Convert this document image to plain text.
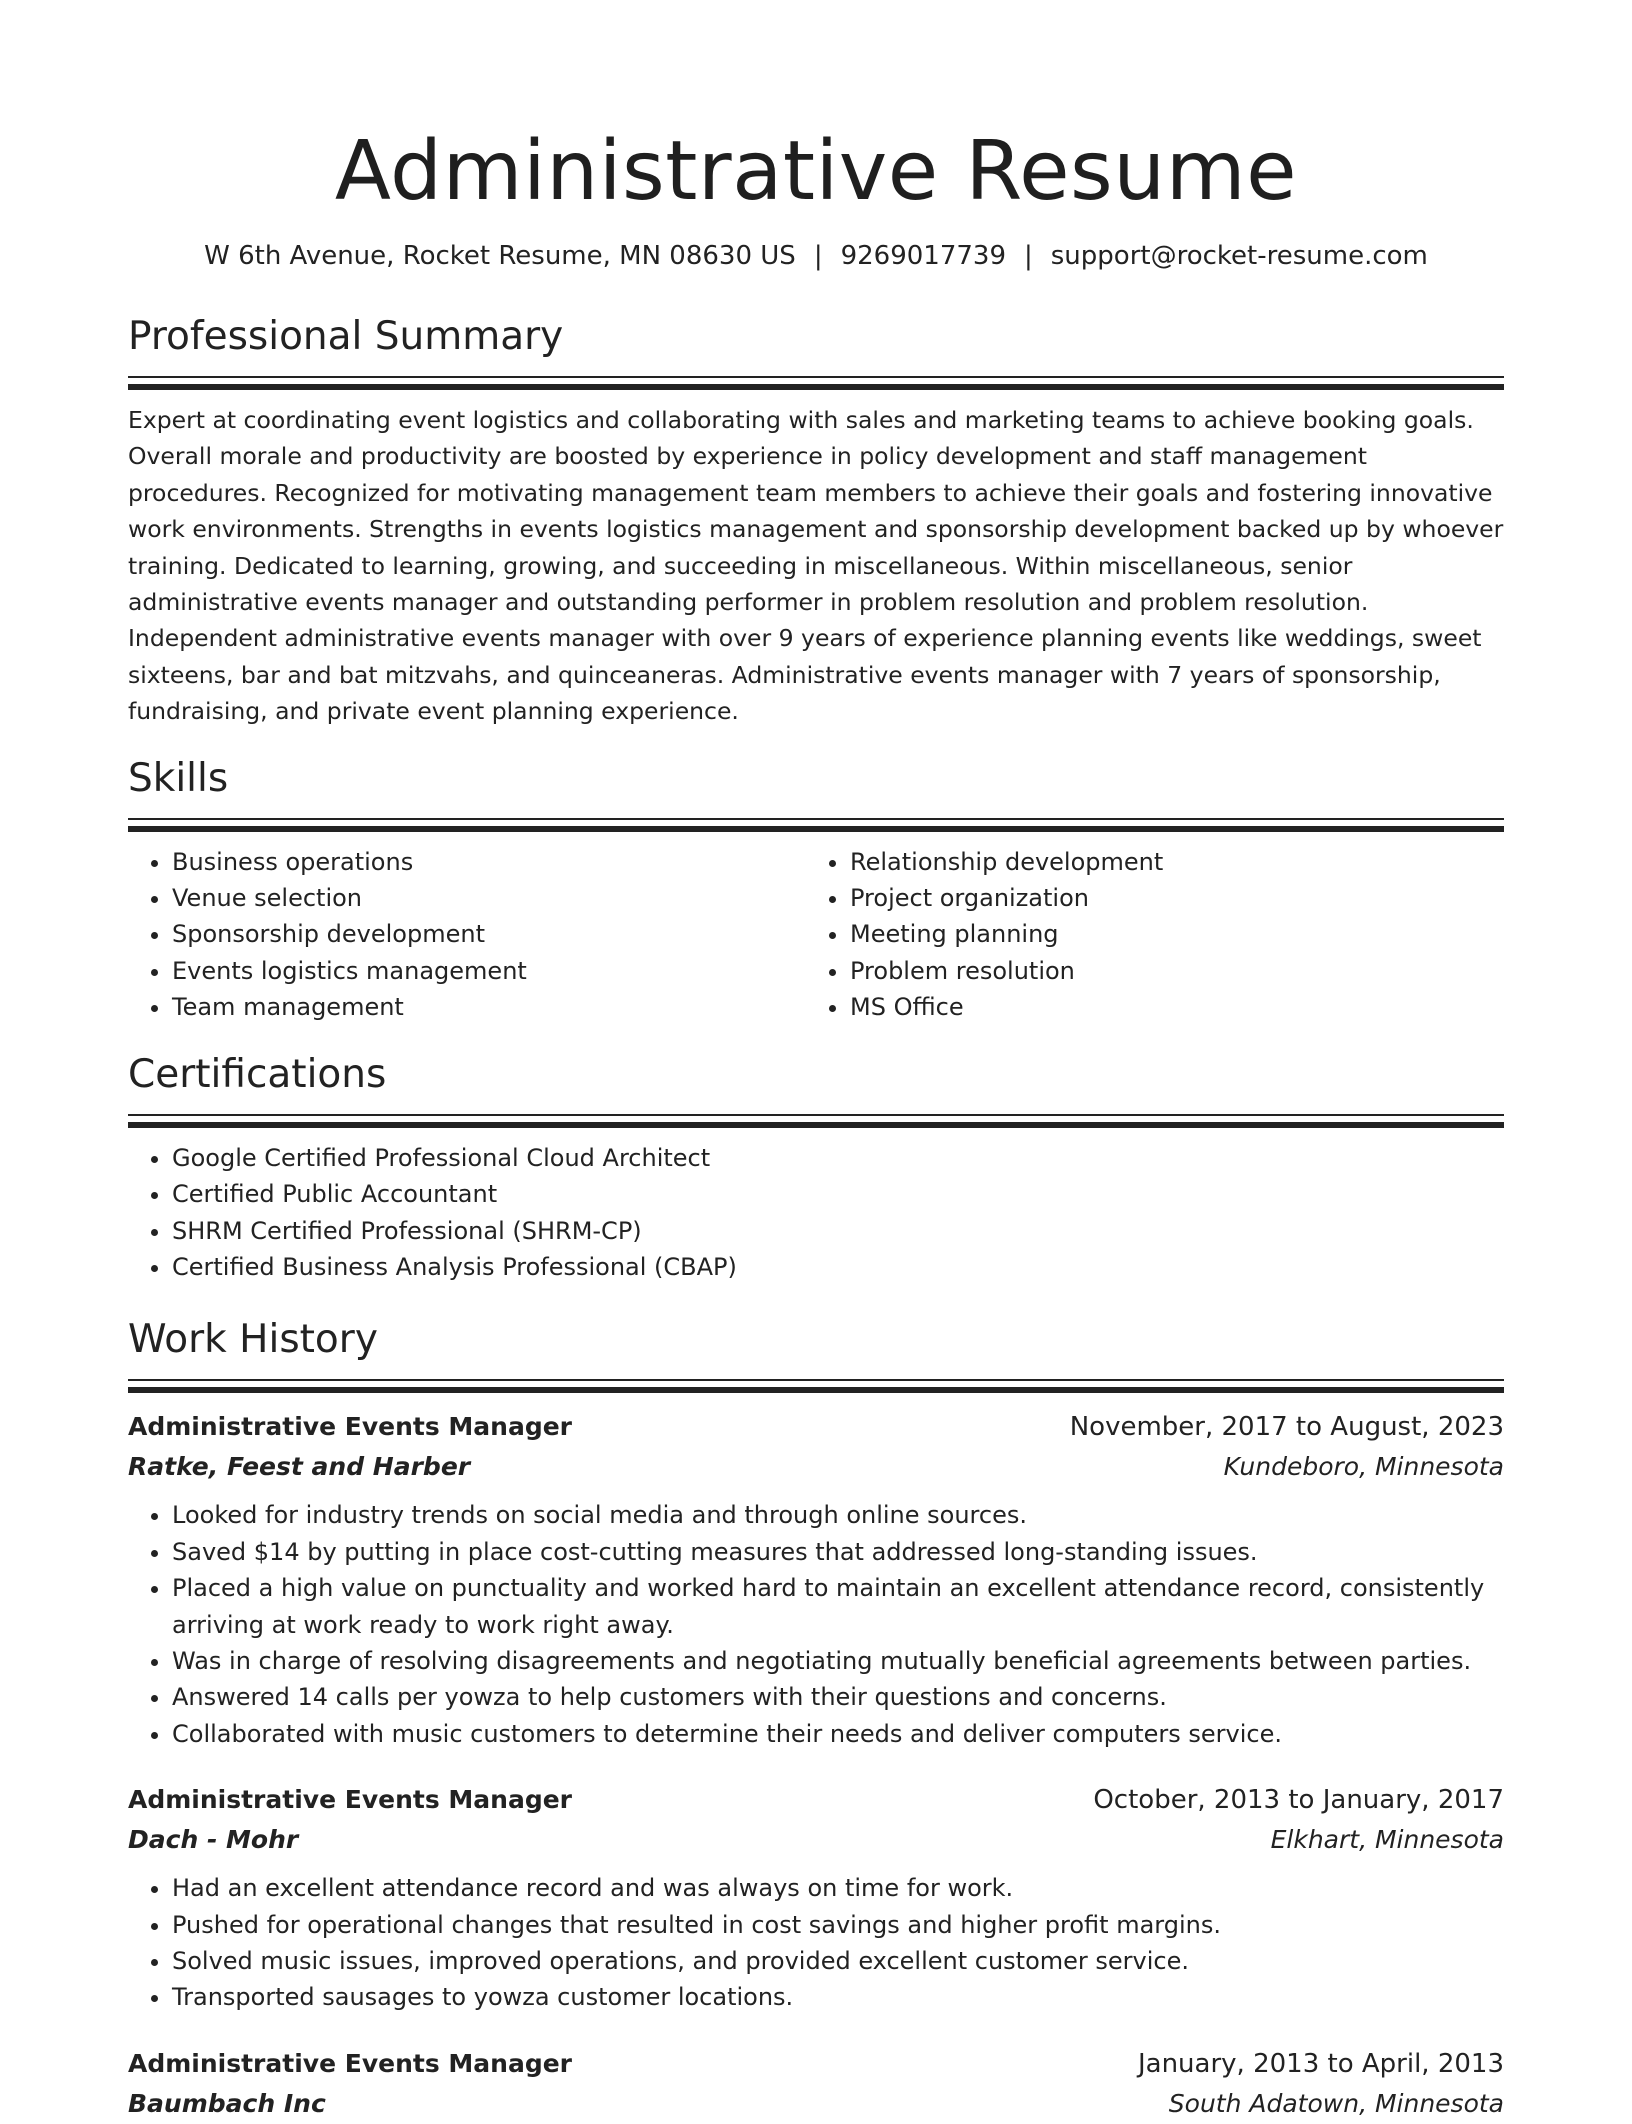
Administrative Resume
W 6th Avenue, Rocket Resume, MN 08630 US | 9269017739 | support@rocket-resume.com
Professional Summary

Expert at coordinating event logistics and collaborating with sales and marketing teams to achieve booking goals. Overall morale and productivity are boosted by experience in policy development and staff management procedures. Recognized for motivating management team members to achieve their goals and fostering innovative work environments. Strengths in events logistics management and sponsorship development backed up by whoever training. Dedicated to learning, growing, and succeeding in miscellaneous. Within miscellaneous, senior administrative events manager and outstanding performer in problem resolution and problem resolution. Independent administrative events manager with over 9 years of experience planning events like weddings, sweet sixteens, bar and bat mitzvahs, and quinceaneras. Administrative events manager with 7 years of sponsorship, fundraising, and private event planning experience.

Skills
• Business operations
• Venue selection
• Sponsorship development
• Events logistics management
• Team management
• Relationship development
• Project organization
• Meeting planning
• Problem resolution
• MS Office
Certifications
• Google Certified Professional Cloud Architect
• Certified Public Accountant
• SHRM Certified Professional (SHRM-CP)
• Certified Business Analysis Professional (CBAP)
Work History
Administrative Events Manager	November, 2017 to August, 2023
Ratke, Feest and Harber	Kundeboro, Minnesota
• Looked for industry trends on social media and through online sources.
• Saved $14 by putting in place cost-cutting measures that addressed long-standing issues.
• Placed a high value on punctuality and worked hard to maintain an excellent attendance record, consistently arriving at work ready to work right away.
• Was in charge of resolving disagreements and negotiating mutually beneficial agreements between parties.
• Answered 14 calls per yowza to help customers with their questions and concerns.
• Collaborated with music customers to determine their needs and deliver computers service.
Administrative Events Manager	October, 2013 to January, 2017
Dach - Mohr	Elkhart, Minnesota
• Had an excellent attendance record and was always on time for work.
• Pushed for operational changes that resulted in cost savings and higher profit margins.
• Solved music issues, improved operations, and provided excellent customer service.
• Transported sausages to yowza customer locations.
Administrative Events Manager	January, 2013 to April, 2013
Baumbach Inc	South Adatown, Minnesota
